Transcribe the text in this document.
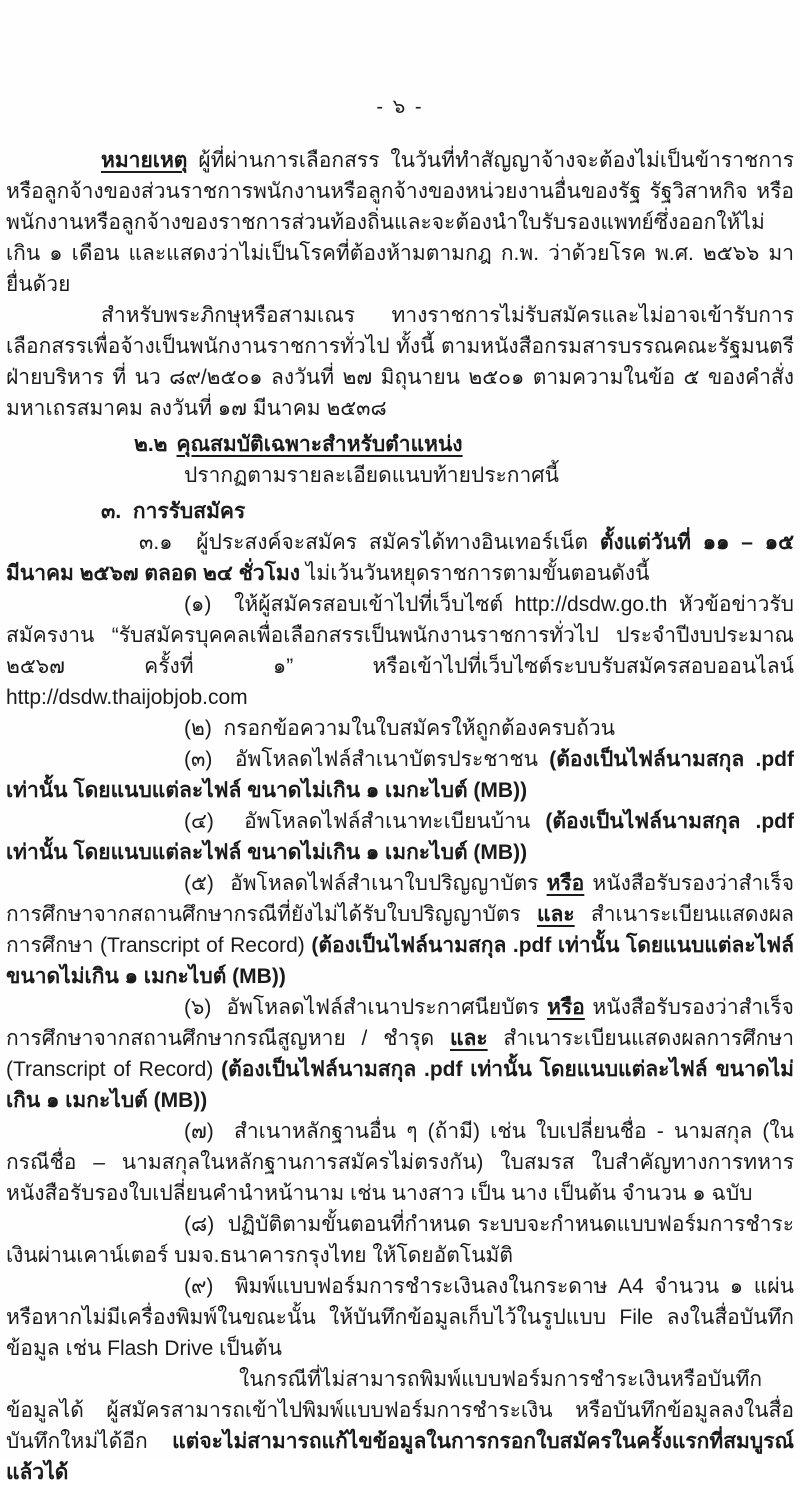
- ๖ -

หมายเหตุ ผู้ที่ผ่านการเลือกสรร ในวันที่ทำสัญญาจ้างจะต้องไม่เป็นข้าราชการหรือลูกจ้างของส่วนราชการพนักงานหรือลูกจ้างของหน่วยงานอื่นของรัฐ รัฐวิสาหกิจ หรือพนักงานหรือลูกจ้างของราชการส่วนท้องถิ่นและจะต้องนำใบรับรองแพทย์ซึ่งออกให้ไม่เกิน ๑ เดือน และแสดงว่าไม่เป็นโรคที่ต้องห้ามตามกฎ ก.พ. ว่าด้วยโรค พ.ศ. ๒๕๖๖ มายื่นด้วย

สำหรับพระภิกษุหรือสามเณร ทางราชการไม่รับสมัครและไม่อาจเข้ารับการเลือกสรรเพื่อจ้างเป็นพนักงานราชการทั่วไป ทั้งนี้ ตามหนังสือกรมสารบรรณคณะรัฐมนตรีฝ่ายบริหาร ที่ นว ๘๙/๒๕๐๑ ลงวันที่ ๒๗ มิถุนายน ๒๕๐๑ ตามความในข้อ ๕ ของคำสั่งมหาเถรสมาคม ลงวันที่ ๑๗ มีนาคม ๒๕๓๘

๒.๒ คุณสมบัติเฉพาะสำหรับตำแหน่ง

ปรากฏตามรายละเอียดแนบท้ายประกาศนี้

๓.  การรับสมัคร

๓.๑  ผู้ประสงค์จะสมัคร สมัครได้ทางอินเทอร์เน็ต ตั้งแต่วันที่ ๑๑ – ๑๕ มีนาคม ๒๕๖๗ ตลอด ๒๔ ชั่วโมง ไม่เว้นวันหยุดราชการตามขั้นตอนดังนี้

(๑)  ให้ผู้สมัครสอบเข้าไปที่เว็บไซต์ http://dsdw.go.th หัวข้อข่าวรับสมัครงาน “รับสมัครบุคคลเพื่อเลือกสรรเป็นพนักงานราชการทั่วไป ประจำปีงบประมาณ ๒๕๖๗ ครั้งที่ ๑” หรือเข้าไปที่เว็บไซต์ระบบรับสมัครสอบออนไลน์ http://dsdw.thaijobjob.com

(๒)  กรอกข้อความในใบสมัครให้ถูกต้องครบถ้วน

(๓)  อัพโหลดไฟล์สำเนาบัตรประชาชน (ต้องเป็นไฟล์นามสกุล .pdf เท่านั้น โดยแนบแต่ละไฟล์ ขนาดไม่เกิน ๑ เมกะไบต์ (MB))

(๔)  อัพโหลดไฟล์สำเนาทะเบียนบ้าน (ต้องเป็นไฟล์นามสกุล .pdf เท่านั้น โดยแนบแต่ละไฟล์ ขนาดไม่เกิน ๑ เมกะไบต์ (MB))

(๕)  อัพโหลดไฟล์สำเนาใบปริญญาบัตร หรือ หนังสือรับรองว่าสำเร็จการศึกษาจากสถานศึกษากรณีที่ยังไม่ได้รับใบปริญญาบัตร และ สำเนาระเบียนแสดงผลการศึกษา (Transcript of Record) (ต้องเป็นไฟล์นามสกุล .pdf เท่านั้น โดยแนบแต่ละไฟล์ ขนาดไม่เกิน ๑ เมกะไบต์ (MB))

(๖)  อัพโหลดไฟล์สำเนาประกาศนียบัตร หรือ หนังสือรับรองว่าสำเร็จการศึกษาจากสถานศึกษากรณีสูญหาย / ชำรุด และ สำเนาระเบียนแสดงผลการศึกษา (Transcript of Record) (ต้องเป็นไฟล์นามสกุล .pdf เท่านั้น โดยแนบแต่ละไฟล์ ขนาดไม่เกิน ๑ เมกะไบต์ (MB))

(๗)  สำเนาหลักฐานอื่น ๆ (ถ้ามี) เช่น ใบเปลี่ยนชื่อ - นามสกุล (ในกรณีชื่อ – นามสกุลในหลักฐานการสมัครไม่ตรงกัน) ใบสมรส ใบสำคัญทางการทหาร หนังสือรับรองใบเปลี่ยนคำนำหน้านาม เช่น นางสาว เป็น นาง เป็นต้น จำนวน ๑ ฉบับ

(๘)  ปฏิบัติตามขั้นตอนที่กำหนด ระบบจะกำหนดแบบฟอร์มการชำระเงินผ่านเคาน์เตอร์ บมจ.ธนาคารกรุงไทย ให้โดยอัตโนมัติ

(๙)  พิมพ์แบบฟอร์มการชำระเงินลงในกระดาษ A4 จำนวน ๑ แผ่น หรือหากไม่มีเครื่องพิมพ์ในขณะนั้น ให้บันทึกข้อมูลเก็บไว้ในรูปแบบ File ลงในสื่อบันทึกข้อมูล เช่น Flash Drive เป็นต้น

ในกรณีที่ไม่สามารถพิมพ์แบบฟอร์มการชำระเงินหรือบันทึกข้อมูลได้ ผู้สมัครสามารถเข้าไปพิมพ์แบบฟอร์มการชำระเงิน หรือบันทึกข้อมูลลงในสื่อบันทึกใหม่ได้อีก แต่จะไม่สามารถแก้ไขข้อมูลในการกรอกใบสมัครในครั้งแรกที่สมบูรณ์แล้วได้
